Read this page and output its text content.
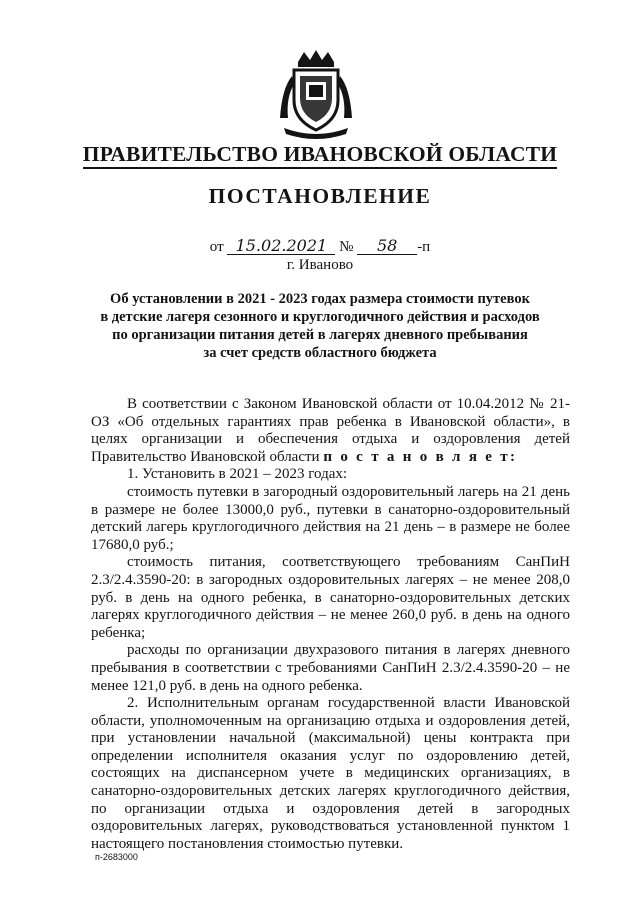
ПРАВИТЕЛЬСТВО ИВАНОВСКОЙ ОБЛАСТИ
ПОСТАНОВЛЕНИЕ
от 15.02.2021 № 58 -п
г. Иваново
Об установлении в 2021 - 2023 годах размера стоимости путевок
в детские лагеря сезонного и круглогодичного действия и расходов
по организации питания детей в лагерях дневного пребывания
за счет средств областного бюджета

В соответствии с Законом Ивановской области от 10.04.2012 № 21-ОЗ «Об отдельных гарантиях прав ребенка в Ивановской области», в целях организации и обеспечения отдыха и оздоровления детей Правительство Ивановской области п о с т а н о в л я е т:

1. Установить в 2021 – 2023 годах:

стоимость путевки в загородный оздоровительный лагерь на 21 день в размере не более 13000,0 руб., путевки в санаторно-оздоровительный детский лагерь круглогодичного действия на 21 день – в размере не более 17680,0 руб.;

стоимость питания, соответствующего требованиям СанПиН 2.3/2.4.3590-20: в загородных оздоровительных лагерях – не менее 208,0 руб. в день на одного ребенка, в санаторно-оздоровительных детских лагерях круглогодичного действия – не менее 260,0 руб. в день на одного ребенка;

расходы по организации двухразового питания в лагерях дневного пребывания в соответствии с требованиями СанПиН 2.3/2.4.3590-20 – не менее 121,0 руб. в день на одного ребенка.

2. Исполнительным органам государственной власти Ивановской области, уполномоченным на организацию отдыха и оздоровления детей, при установлении начальной (максимальной) цены контракта при определении исполнителя оказания услуг по оздоровлению детей, состоящих на диспансерном учете в медицинских организациях, в санаторно-оздоровительных детских лагерях круглогодичного действия, по организации отдыха и оздоровления детей в загородных оздоровительных лагерях, руководствоваться установленной пунктом 1 настоящего постановления стоимостью путевки.

п-2683000
